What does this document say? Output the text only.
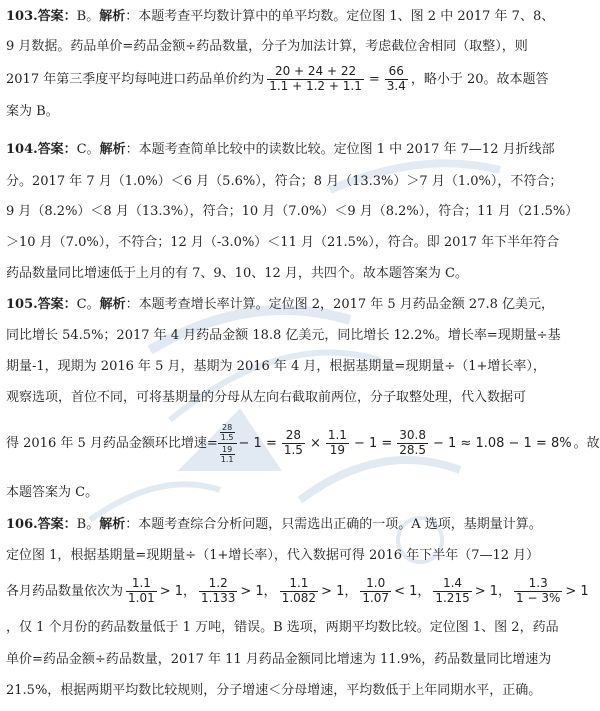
103.答案：B。解析：本题考查平均数计算中的单平均数。定位图 1、图 2 中 2017 年 7、8、
9 月数据。药品单价=药品金额÷药品数量，分子为加法计算，考虑截位舍相同（取整），则
2017 年第三季度平均每吨进口药品单价约为 $\frac{20 + 24 + 22}{1.1 + 1.2 + 1.1} = \frac{66}{3.4}$ ，略小于 20。故本题答
案为 B。
104.答案：C。解析：本题考查简单比较中的读数比较。定位图 1 中 2017 年 7—12 月折线部
分。2017 年 7 月（1.0%）＜6 月（5.6%），符合；8 月（13.3%）＞7 月（1.0%），不符合；
9 月（8.2%）＜8 月（13.3%），符合；10 月（7.0%）＜9 月（8.2%），符合；11 月（21.5%）
＞10 月（7.0%），不符合；12 月（-3.0%）＜11 月（21.5%），符合。即 2017 年下半年符合
药品数量同比增速低于上月的有 7、9、10、12 月，共四个。故本题答案为 C。
105.答案：C。解析：本题考查增长率计算。定位图 2，2017 年 5 月药品金额 27.8 亿美元，
同比增长 54.5%；2017 年 4 月药品金额 18.8 亿美元，同比增长 12.2%。增长率=现期量÷基
期量-1，现期为 2016 年 5 月，基期为 2016 年 4 月，根据基期量=现期量÷（1+增长率），
观察选项，首位不同，可将基期量的分母从左向右截取前两位，分子取整处理，代入数据可
得 2016 年 5 月药品金额环比增速= $\frac{\frac{28}{1.5}}{\frac{19}{1.1}} - 1 = \frac{28}{1.5} \times \frac{1.1}{19} - 1 = \frac{30.8}{28.5} - 1 \approx 1.08 - 1 = 8\%$ 。故
本题答案为 C。
106.答案：B。解析：本题考查综合分析问题，只需选出正确的一项。A 选项，基期量计算。
定位图 1，根据基期量=现期量÷（1+增长率），代入数据可得 2016 年下半年（7—12 月）
各月药品数量依次为 $\frac{1.1}{1.01} > 1$， $\frac{1.2}{1.133} > 1$， $\frac{1.1}{1.082} > 1$， $\frac{1.0}{1.07} < 1$， $\frac{1.4}{1.215} > 1$， $\frac{1.3}{1 - 3\%} > 1$
，仅 1 个月份的药品数量低于 1 万吨，错误。B 选项，两期平均数比较。定位图 1、图 2，药品
单价=药品金额÷药品数量，2017 年 11 月药品金额同比增速为 11.9%，药品数量同比增速为
21.5%，根据两期平均数比较规则，分子增速＜分母增速，平均数低于上年同期水平，正确。
